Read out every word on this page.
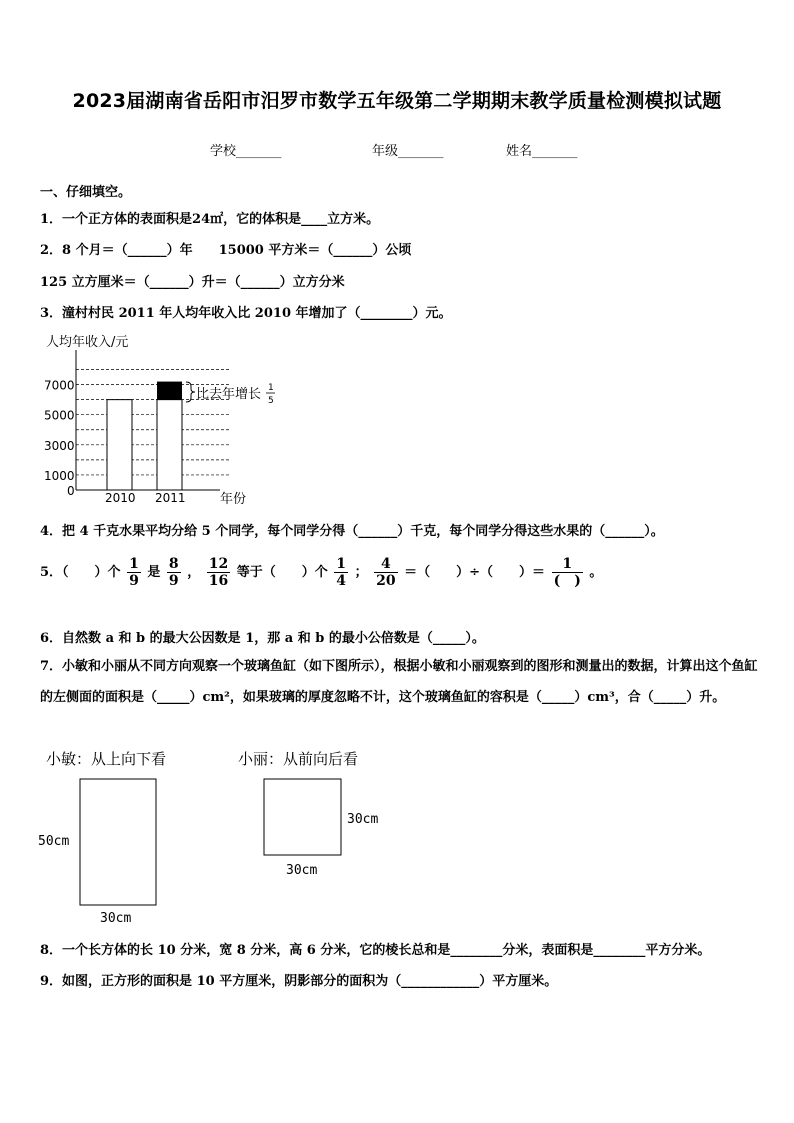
2023届湖南省岳阳市汨罗市数学五年级第二学期期末教学质量检测模拟试题
学校_______	年级_______	姓名_______
一、仔细填空。
1．一个正方体的表面积是24㎡，它的体积是____立方米。
2．8 个月＝（______）年　　15000 平方米＝（______）公顷
125 立方厘米＝（______）升＝（______）立方分米
3．潼村村民 2011 年人均年收入比 2010 年增加了（________）元。
人均年收入/元
年份
0
1000
3000
5000
7000
2010 2011
比去年增长 1
5
4．把 4 千克水果平均分给 5 个同学，每个同学分得（______）千克，每个同学分得这些水果的（______）。
5．（　　）个 $\frac{1}{9}$ 是 $\frac{8}{9}$ ， $\frac{12}{16}$ 等于（　　）个 $\frac{1}{4}$ ； $\frac{4}{20}$ ＝（　　）÷（　　）＝ $\frac{1}{( )}$ 。
6．自然数 a 和 b 的最大公因数是 1，那 a 和 b 的最小公倍数是（_____）。
7．小敏和小丽从不同方向观察一个玻璃鱼缸（如下图所示），根据小敏和小丽观察到的图形和测量出的数据，计算出这个鱼缸的左侧面的面积是（_____）cm²，如果玻璃的厚度忽略不计，这个玻璃鱼缸的容积是（_____）cm³，合（_____）升。
小敏：从上向下看	小丽：从前向后看
50cm
30cm
30cm
30cm
8．一个长方体的长 10 分米，宽 8 分米，高 6 分米，它的棱长总和是________分米，表面积是________平方分米。
9．如图，正方形的面积是 10 平方厘米，阴影部分的面积为（____________）平方厘米。
